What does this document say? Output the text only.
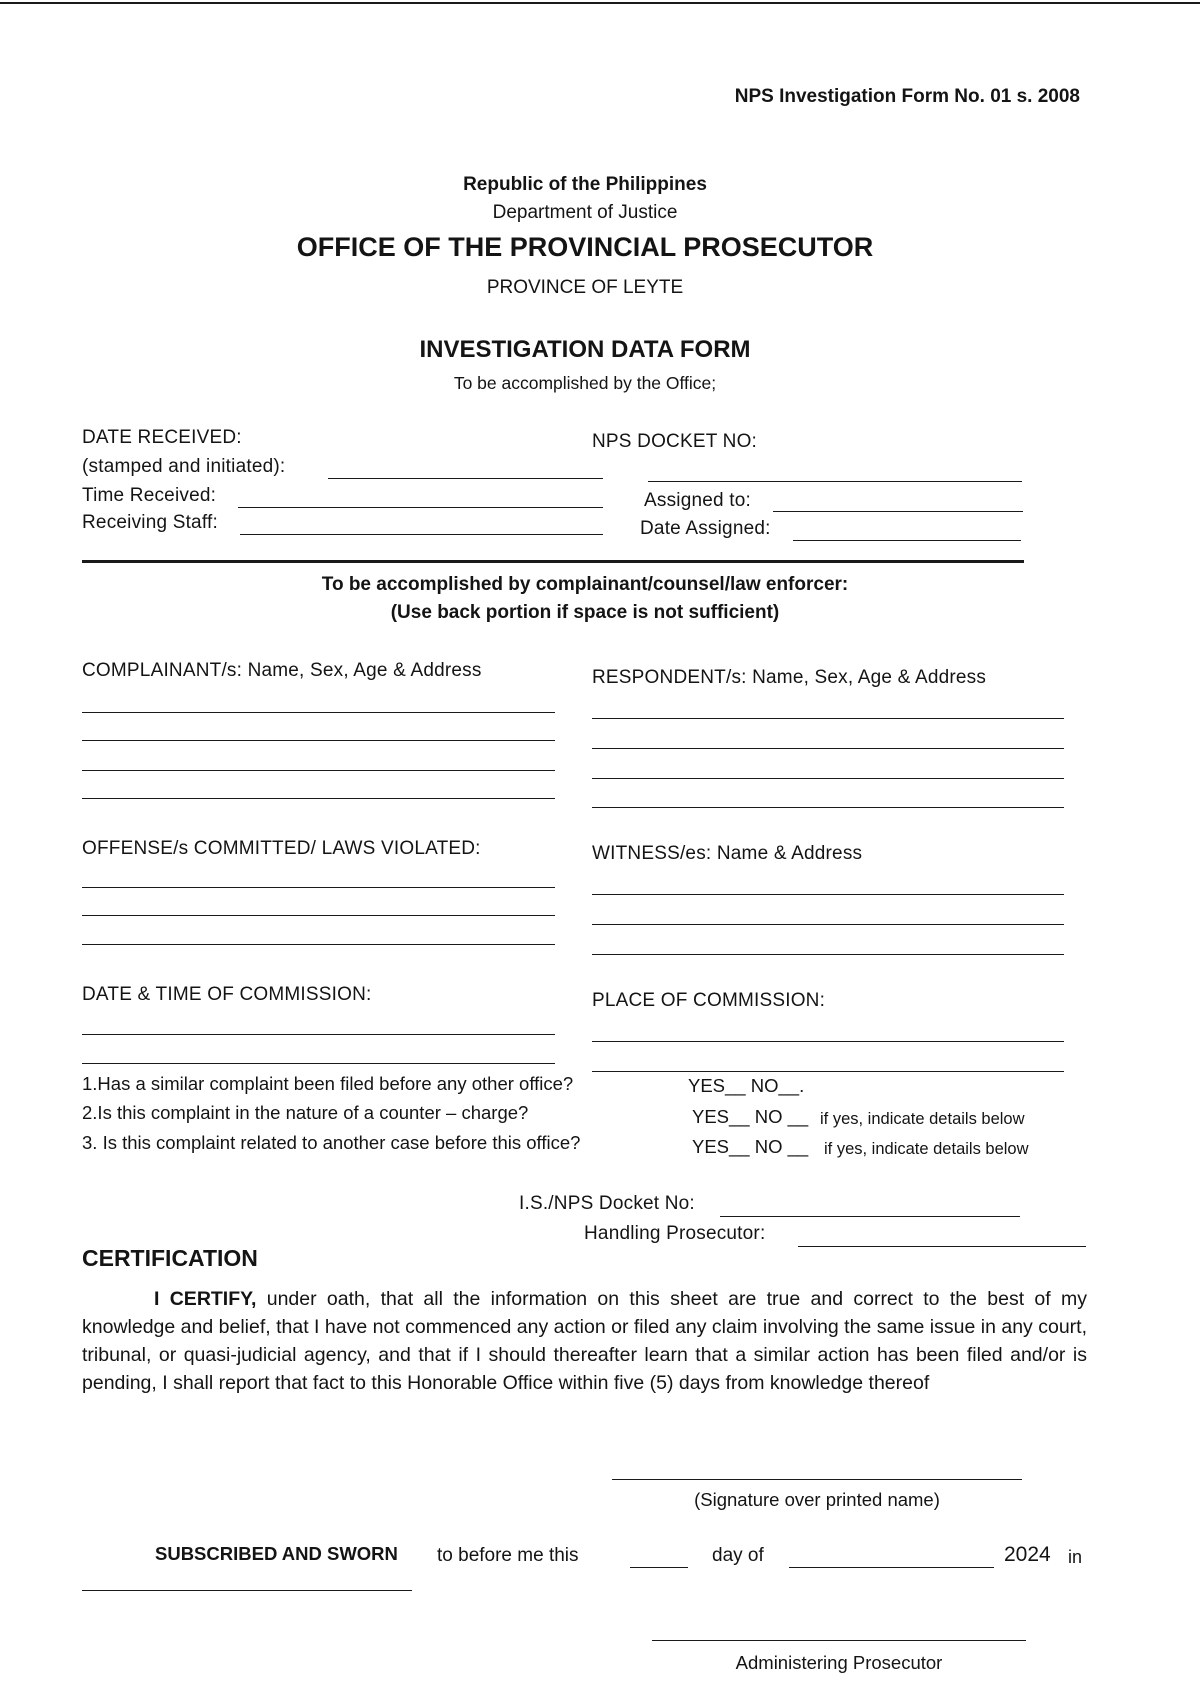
NPS Investigation Form No. 01 s. 2008
Republic of the Philippines
Department of Justice
OFFICE OF THE PROVINCIAL PROSECUTOR
PROVINCE OF LEYTE
INVESTIGATION DATA FORM
To be accomplished by the Office;
DATE RECEIVED:
(stamped and initiated):
Time Received:
Receiving Staff:
NPS DOCKET NO:
Assigned to:
Date Assigned:
To be accomplished by complainant/counsel/law enforcer:
(Use back portion if space is not sufficient)
COMPLAINANT/s: Name, Sex, Age & Address	RESPONDENT/s: Name, Sex, Age & Address
OFFENSE/s COMMITTED/ LAWS VIOLATED:	WITNESS/es: Name & Address
DATE & TIME OF COMMISSION:	PLACE OF COMMISSION:
1.Has a similar complaint been filed before any other office?	YES__ NO__.
2.Is this complaint in the nature of a counter – charge?	YES__ NO __ if yes, indicate details below
3. Is this complaint related to another case before this office?	YES__ NO __ if yes, indicate details below
I.S./NPS Docket No:
Handling Prosecutor:
CERTIFICATION
I CERTIFY, under oath, that all the information on this sheet are true and correct to the best of my knowledge and belief, that I have not commenced any action or filed any claim involving the same issue in any court, tribunal, or quasi-judicial agency, and that if I should thereafter learn that a similar action has been filed and/or is pending, I shall report that fact to this Honorable Office within five (5) days from knowledge thereof
(Signature over printed name)
SUBSCRIBED AND SWORN to before me this	day of	2024 in
Administering Prosecutor
